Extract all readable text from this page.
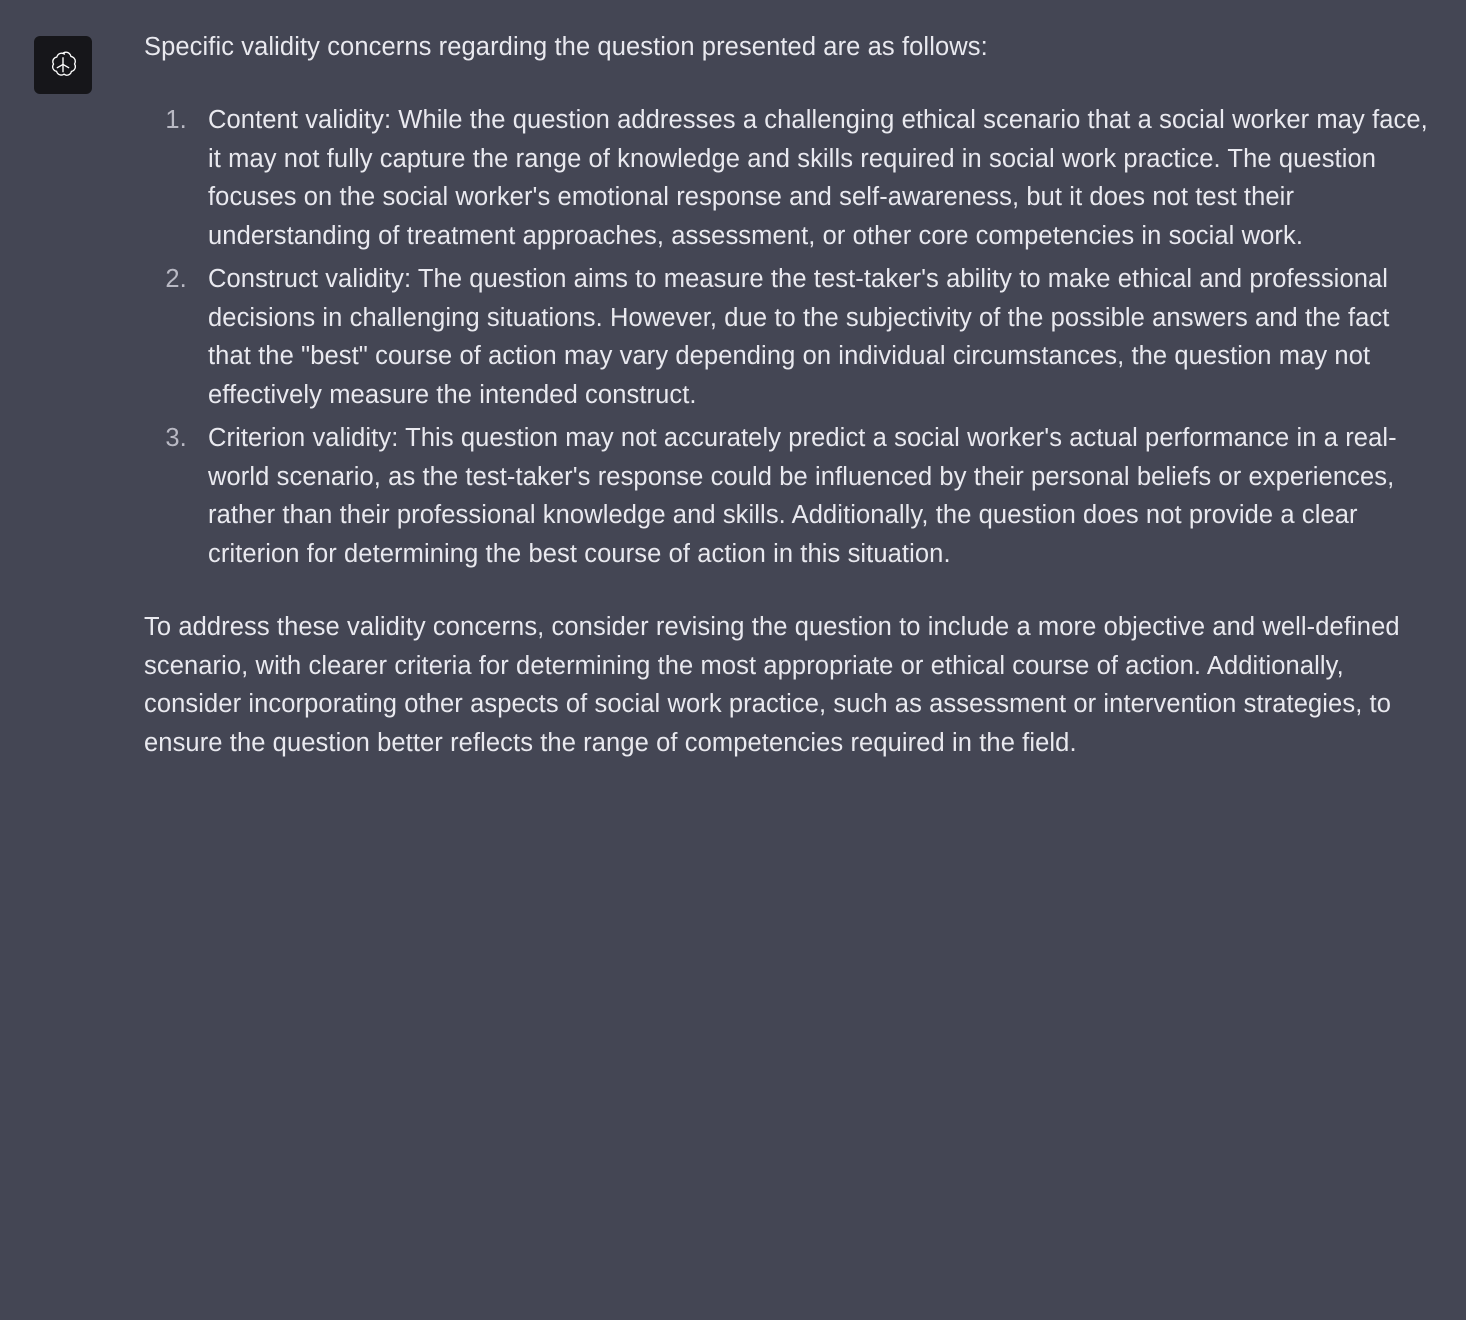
Specific validity concerns regarding the question presented are as follows:

1. Content validity: While the question addresses a challenging ethical scenario that a social worker may face, it may not fully capture the range of knowledge and skills required in social work practice. The question focuses on the social worker's emotional response and self-awareness, but it does not test their understanding of treatment approaches, assessment, or other core competencies in social work.
2. Construct validity: The question aims to measure the test-taker's ability to make ethical and professional decisions in challenging situations. However, due to the subjectivity of the possible answers and the fact that the "best" course of action may vary depending on individual circumstances, the question may not effectively measure the intended construct.
3. Criterion validity: This question may not accurately predict a social worker's actual performance in a real-world scenario, as the test-taker's response could be influenced by their personal beliefs or experiences, rather than their professional knowledge and skills. Additionally, the question does not provide a clear criterion for determining the best course of action in this situation.

To address these validity concerns, consider revising the question to include a more objective and well-defined scenario, with clearer criteria for determining the most appropriate or ethical course of action. Additionally, consider incorporating other aspects of social work practice, such as assessment or intervention strategies, to ensure the question better reflects the range of competencies required in the field.
